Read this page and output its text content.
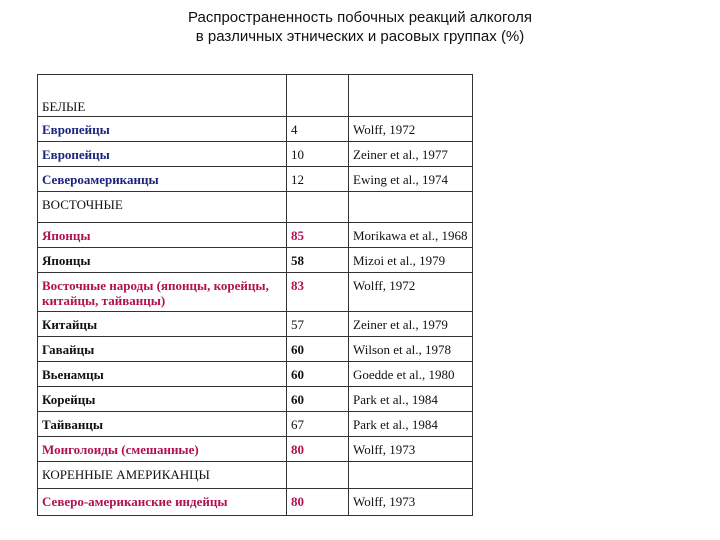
Распространенность побочных реакций алкоголя
в различных этнических и расовых группах (%)
БЕЛЫЕ		
Европейцы	4	Wolff, 1972
Европейцы	10	Zeiner et al., 1977
Североамериканцы	12	Ewing et al., 1974
ВОСТОЧНЫЕ		
Японцы	85	Morikawa et al., 1968
Японцы	58	Mizoi et al., 1979
Восточные народы (японцы, корейцы, китайцы, тайванцы)	83	Wolff, 1972
Китайцы	57	Zeiner et al., 1979
Гавайцы	60	Wilson et al., 1978
Вьенамцы	60	Goedde et al., 1980
Корейцы	60	Park et al., 1984
Тайванцы	67	Park et al., 1984
Монголоиды (смешанные)	80	Wolff, 1973
КОРЕННЫЕ АМЕРИКАНЦЫ		
Северо-американские индейцы	80	Wolff, 1973
